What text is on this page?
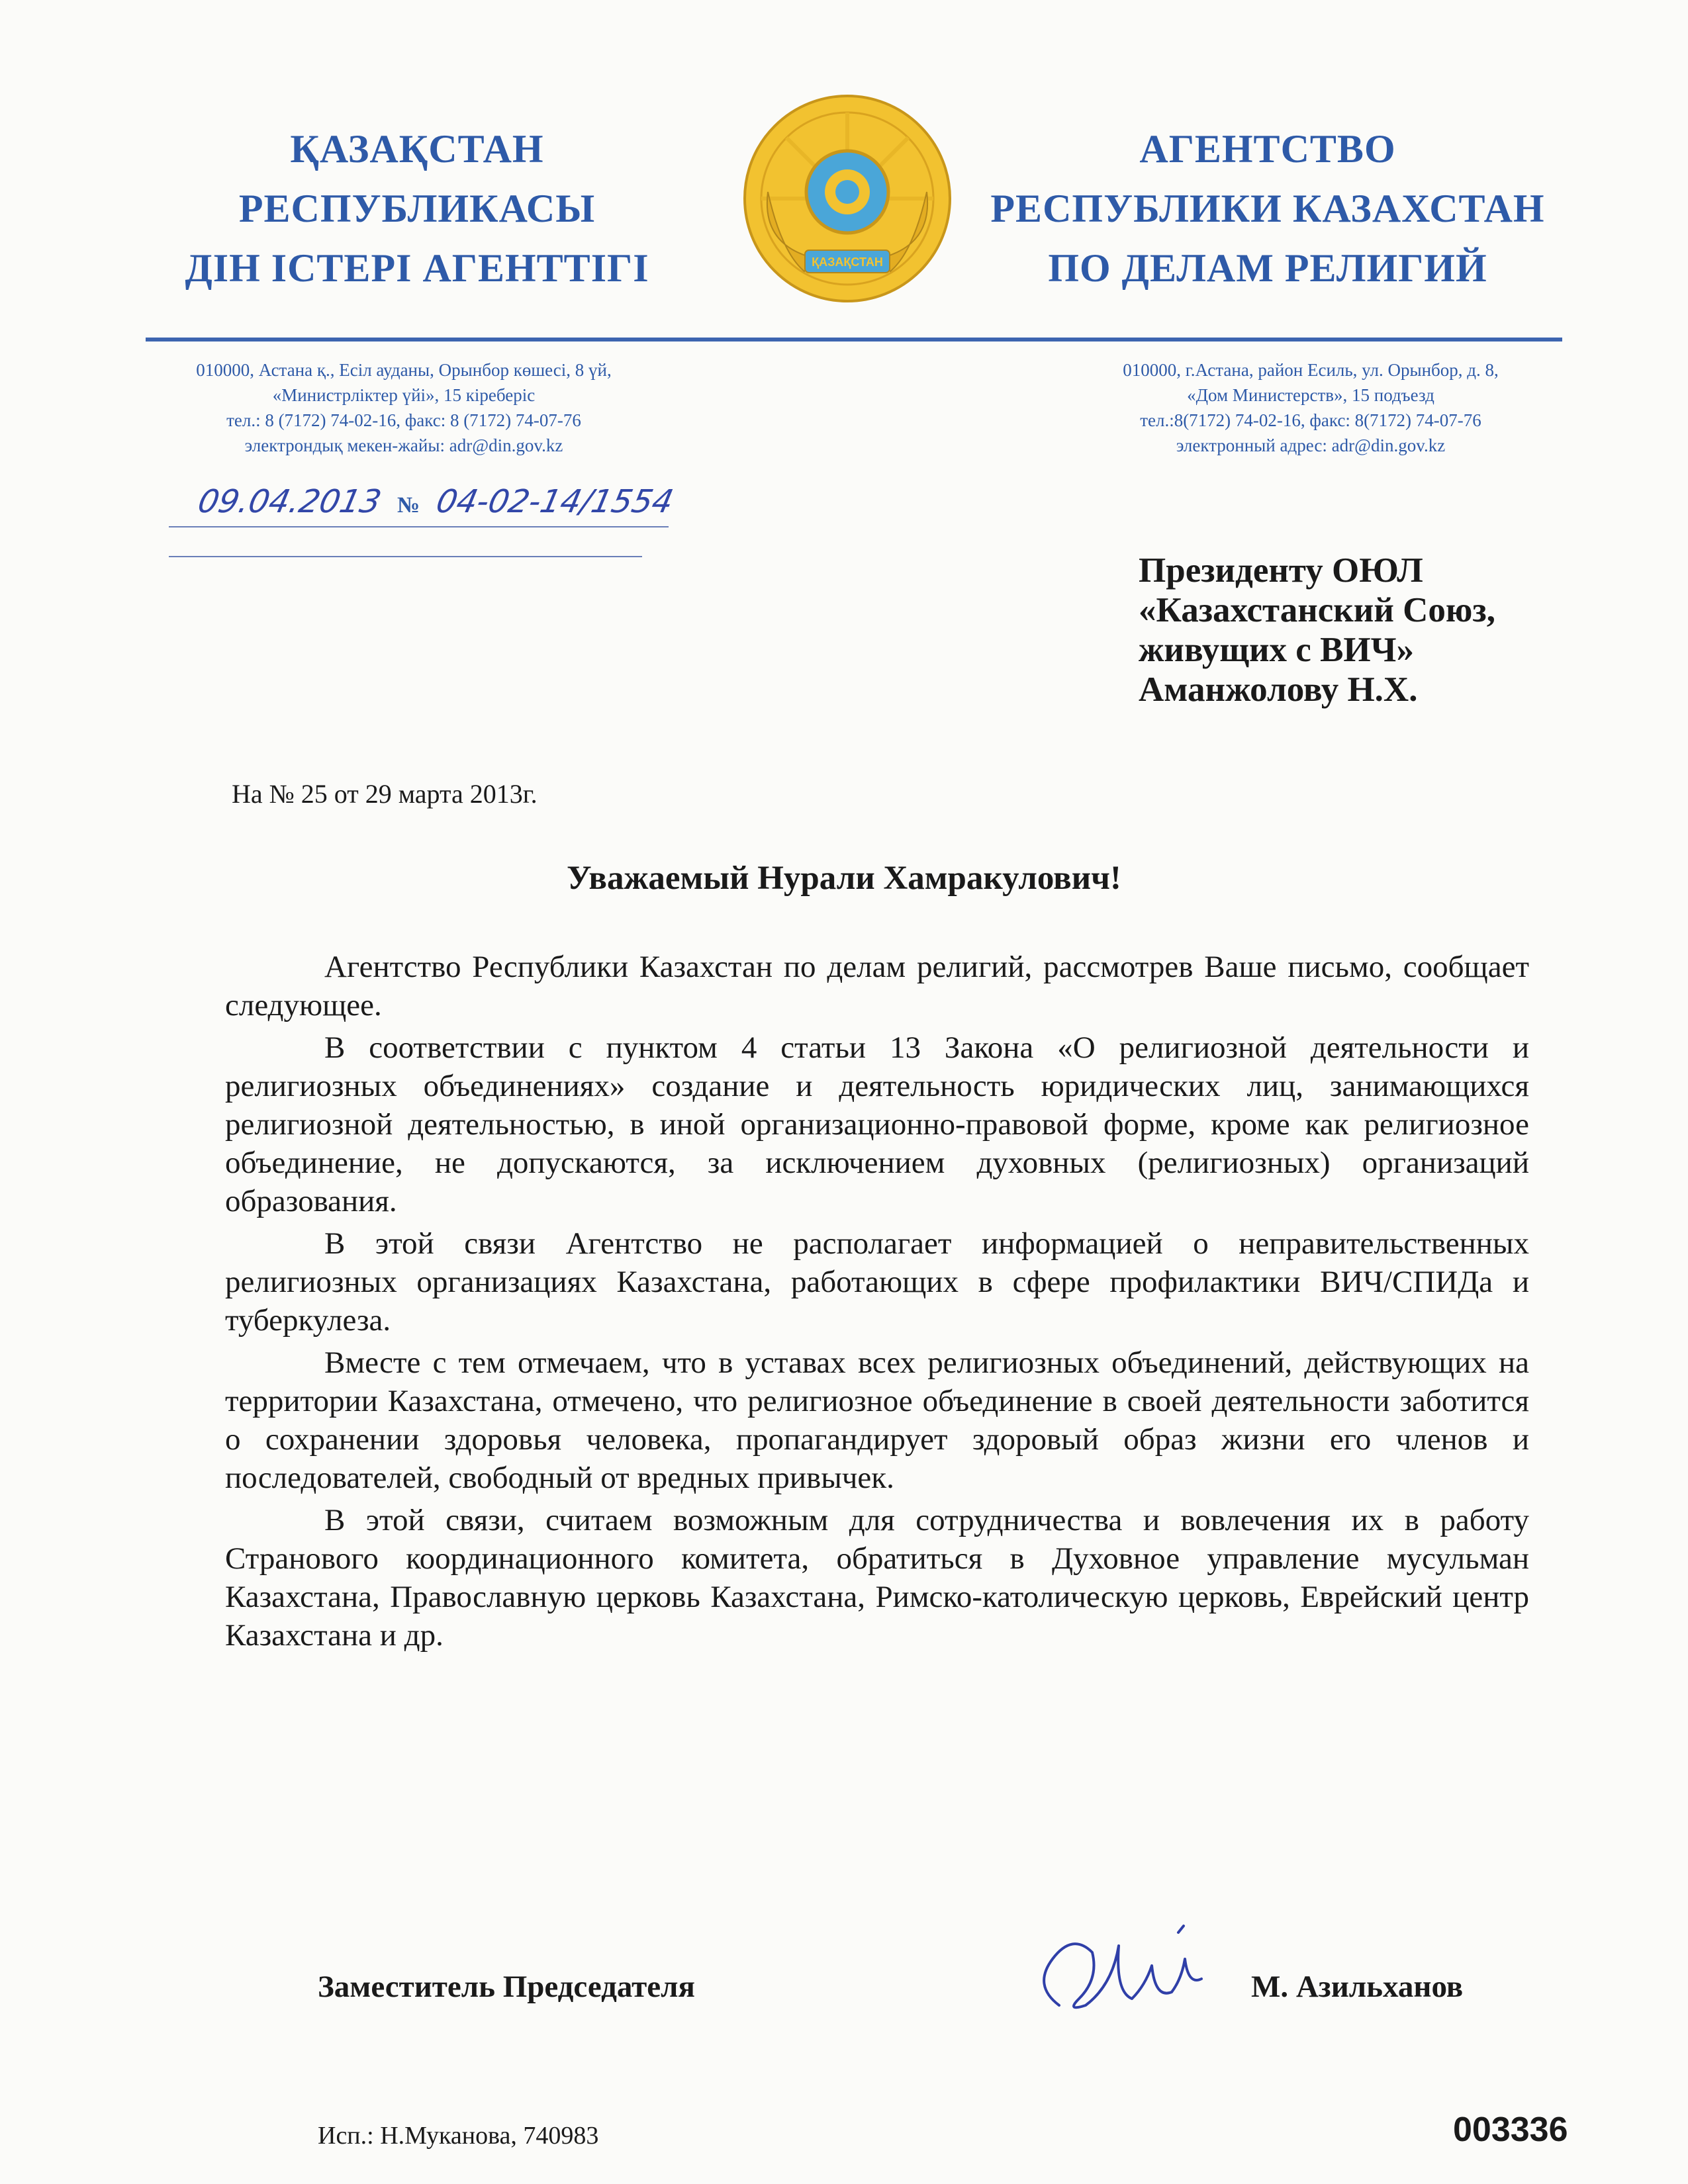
ҚАЗАҚСТАН
РЕСПУБЛИКАСЫ
ДІН ІСТЕРІ АГЕНТТІГІ	ҚАЗАҚСТАН
АГЕНТСТВО
РЕСПУБЛИКИ КАЗАХСТАН
ПО ДЕЛАМ РЕЛИГИЙ
010000, Астана қ., Есіл ауданы, Орынбор көшесі, 8 үй,
«Министрліктер үйі», 15 кіреберіс
тел.: 8 (7172) 74-02-16, факс: 8 (7172) 74-07-76
электрондық мекен-жайы: adr@din.gov.kz
010000, г.Астана, район Есиль, ул. Орынбор, д. 8,
«Дом Министерств», 15 подъезд
тел.:8(7172) 74-02-16, факс: 8(7172) 74-07-76
электронный адрес: adr@din.gov.kz
09.04.2013 № 04-02-14/1554
Президенту ОЮЛ
«Казахстанский Союз,
живущих с ВИЧ»
Аманжолову Н.Х.
На № 25 от 29 марта 2013г.
Уважаемый Нурали Хамракулович!

Агентство Республики Казахстан по делам религий, рассмотрев Ваше письмо, сообщает следующее.

В соответствии с пунктом 4 статьи 13 Закона «О религиозной деятельности и религиозных объединениях» создание и деятельность юридических лиц, занимающихся религиозной деятельностью, в иной организационно-правовой форме, кроме как религиозное объединение, не допускаются, за исключением духовных (религиозных) организаций образования.

В этой связи Агентство не располагает информацией о неправительственных религиозных организациях Казахстана, работающих в сфере профилактики ВИЧ/СПИДа и туберкулеза.

Вместе с тем отмечаем, что в уставах всех религиозных объединений, действующих на территории Казахстана, отмечено, что религиозное объединение в своей деятельности заботится о сохранении здоровья человека, пропагандирует здоровый образ жизни его членов и последователей, свободный от вредных привычек.

В этой связи, считаем возможным для сотрудничества и вовлечения их в работу Странового координационного комитета, обратиться в Духовное управление мусульман Казахстана, Православную церковь Казахстана, Римско-католическую церковь, Еврейский центр Казахстана и др.

Заместитель Председателя	М. Азильханов
Исп.: Н.Муканова, 740983	003336
